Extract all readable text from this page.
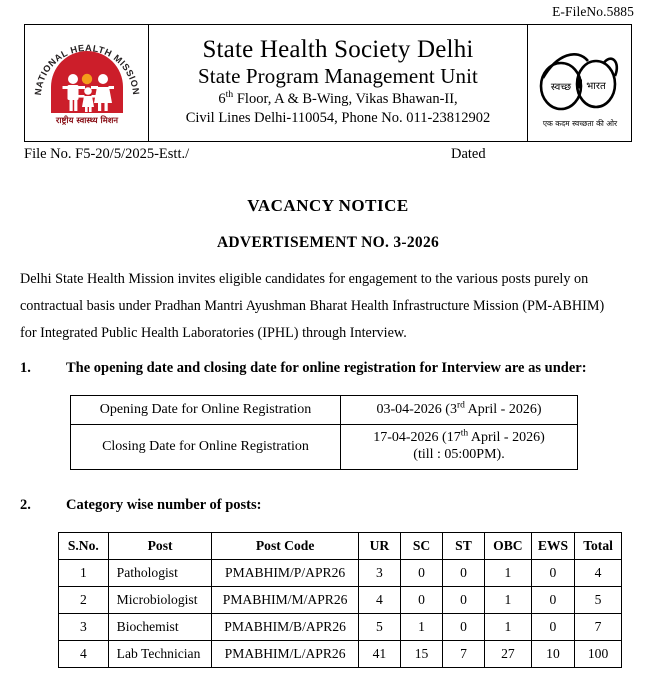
E-FileNo.5885
NATIONAL HEALTH MISSION
राष्ट्रीय स्वास्थ्य मिशन
State Health Society Delhi
State Program Management Unit
6th Floor, A & B-Wing, Vikas Bhawan-II,
Civil Lines Delhi-110054, Phone No. 011-23812902
स्वच्छ भारत
एक कदम स्वच्छता की ओर
File No. F5-20/5/2025-Estt./	Dated
VACANCY NOTICE
ADVERTISEMENT NO. 3-2026
Delhi State Health Mission invites eligible candidates for engagement to the various posts purely on
contractual basis under Pradhan Mantri Ayushman Bharat Health Infrastructure Mission (PM-ABHIM)
for Integrated Public Health Laboratories (IPHL) through Interview.
1. The opening date and closing date for online registration for Interview are as under:
Opening Date for Online Registration	03-04-2026 (3rd April - 2026)
Closing Date for Online Registration	17-04-2026 (17th April - 2026)
(till : 05:00PM).
2. Category wise number of posts:
S.No.	Post	Post Code	UR	SC	ST	OBC	EWS	Total
1	Pathologist	PMABHIM/P/APR26	3	0	0	1	0	4
2	Microbiologist	PMABHIM/M/APR26	4	0	0	1	0	5
3	Biochemist	PMABHIM/B/APR26	5	1	0	1	0	7
4	Lab Technician	PMABHIM/L/APR26	41	15	7	27	10	100
